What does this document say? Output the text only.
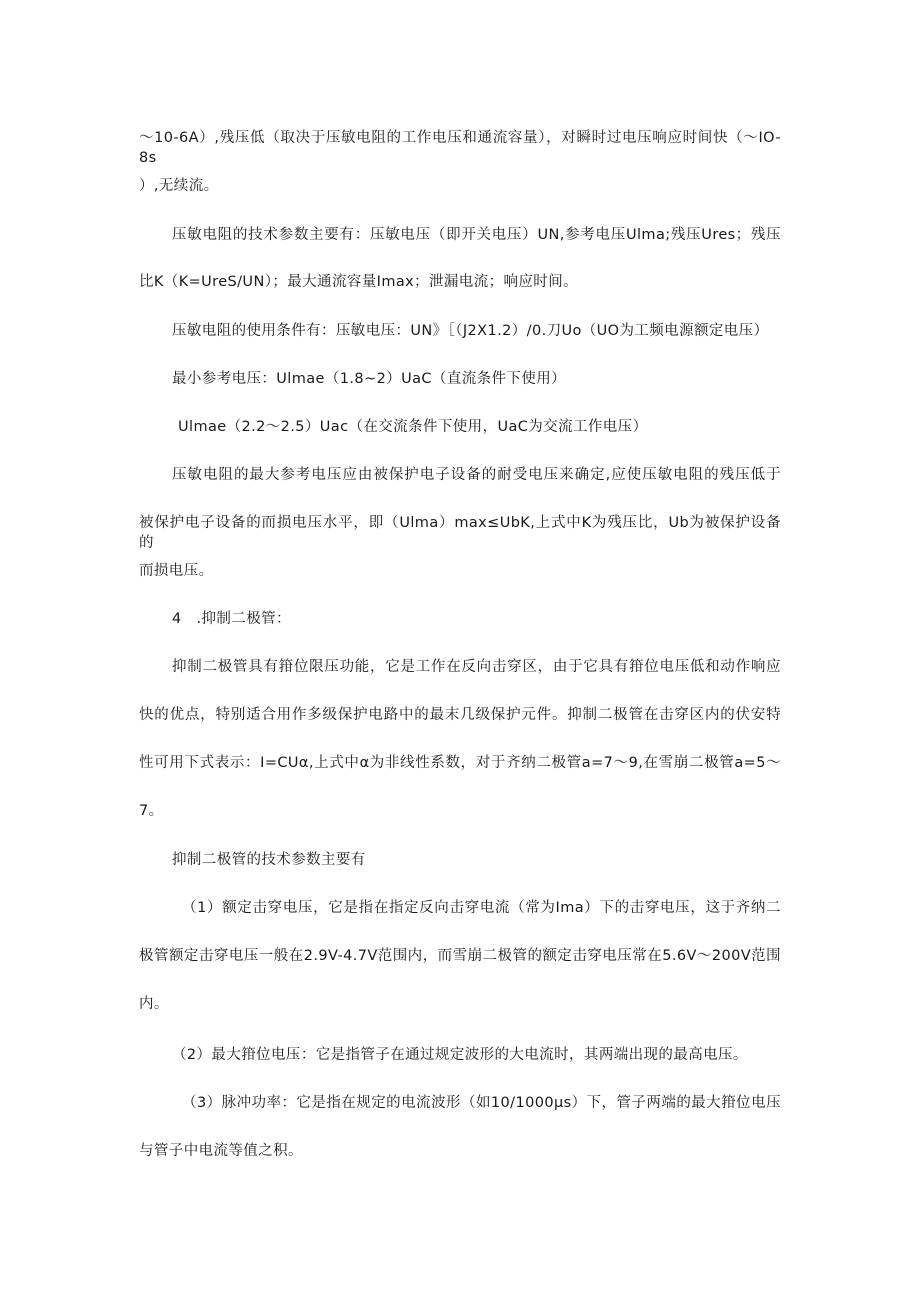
～10-6A）,残压低（取决于压敏电阻的工作电压和通流容量），对瞬时过电压响应时间快（～IO-8s

）,无续流。

压敏电阻的技术参数主要有：压敏电压（即开关电压）UN,参考电压Ulma;残压Ures；残压

比K（K=UreS/UN）；最大通流容量Imax；泄漏电流；响应时间。

压敏电阻的使用条件有：压敏电压：UN》［（J2X1.2）/0.刀Uo（UO为工频电源额定电压）

最小参考电压：Ulmae（1.8~2）UaC（直流条件下使用）

Ulmae（2.2～2.5）Uac（在交流条件下使用，UaC为交流工作电压）

压敏电阻的最大参考电压应由被保护电子设备的耐受电压来确定,应使压敏电阻的残压低于

被保护电子设备的而损电压水平，即（Ulma）max≤UbK,上式中K为残压比，Ub为被保护设备的

而损电压。

4　.抑制二极管：

抑制二极管具有箝位限压功能，它是工作在反向击穿区，由于它具有箝位电压低和动作响应

快的优点，特别适合用作多级保护电路中的最末几级保护元件。抑制二极管在击穿区内的伏安特

性可用下式表示：I=CUα,上式中α为非线性系数，对于齐纳二极管a=7～9,在雪崩二极管a=5～

7。

抑制二极管的技术参数主要有

（1）额定击穿电压，它是指在指定反向击穿电流（常为Ima）下的击穿电压，这于齐纳二

极管额定击穿电压一般在2.9V-4.7V范围内，而雪崩二极管的额定击穿电压常在5.6V～200V范围

内。

（2）最大箝位电压：它是指管子在通过规定波形的大电流时，其两端出现的最高电压。

（3）脉冲功率：它是指在规定的电流波形（如10/1000μs）下，管子两端的最大箝位电压

与管子中电流等值之积。
